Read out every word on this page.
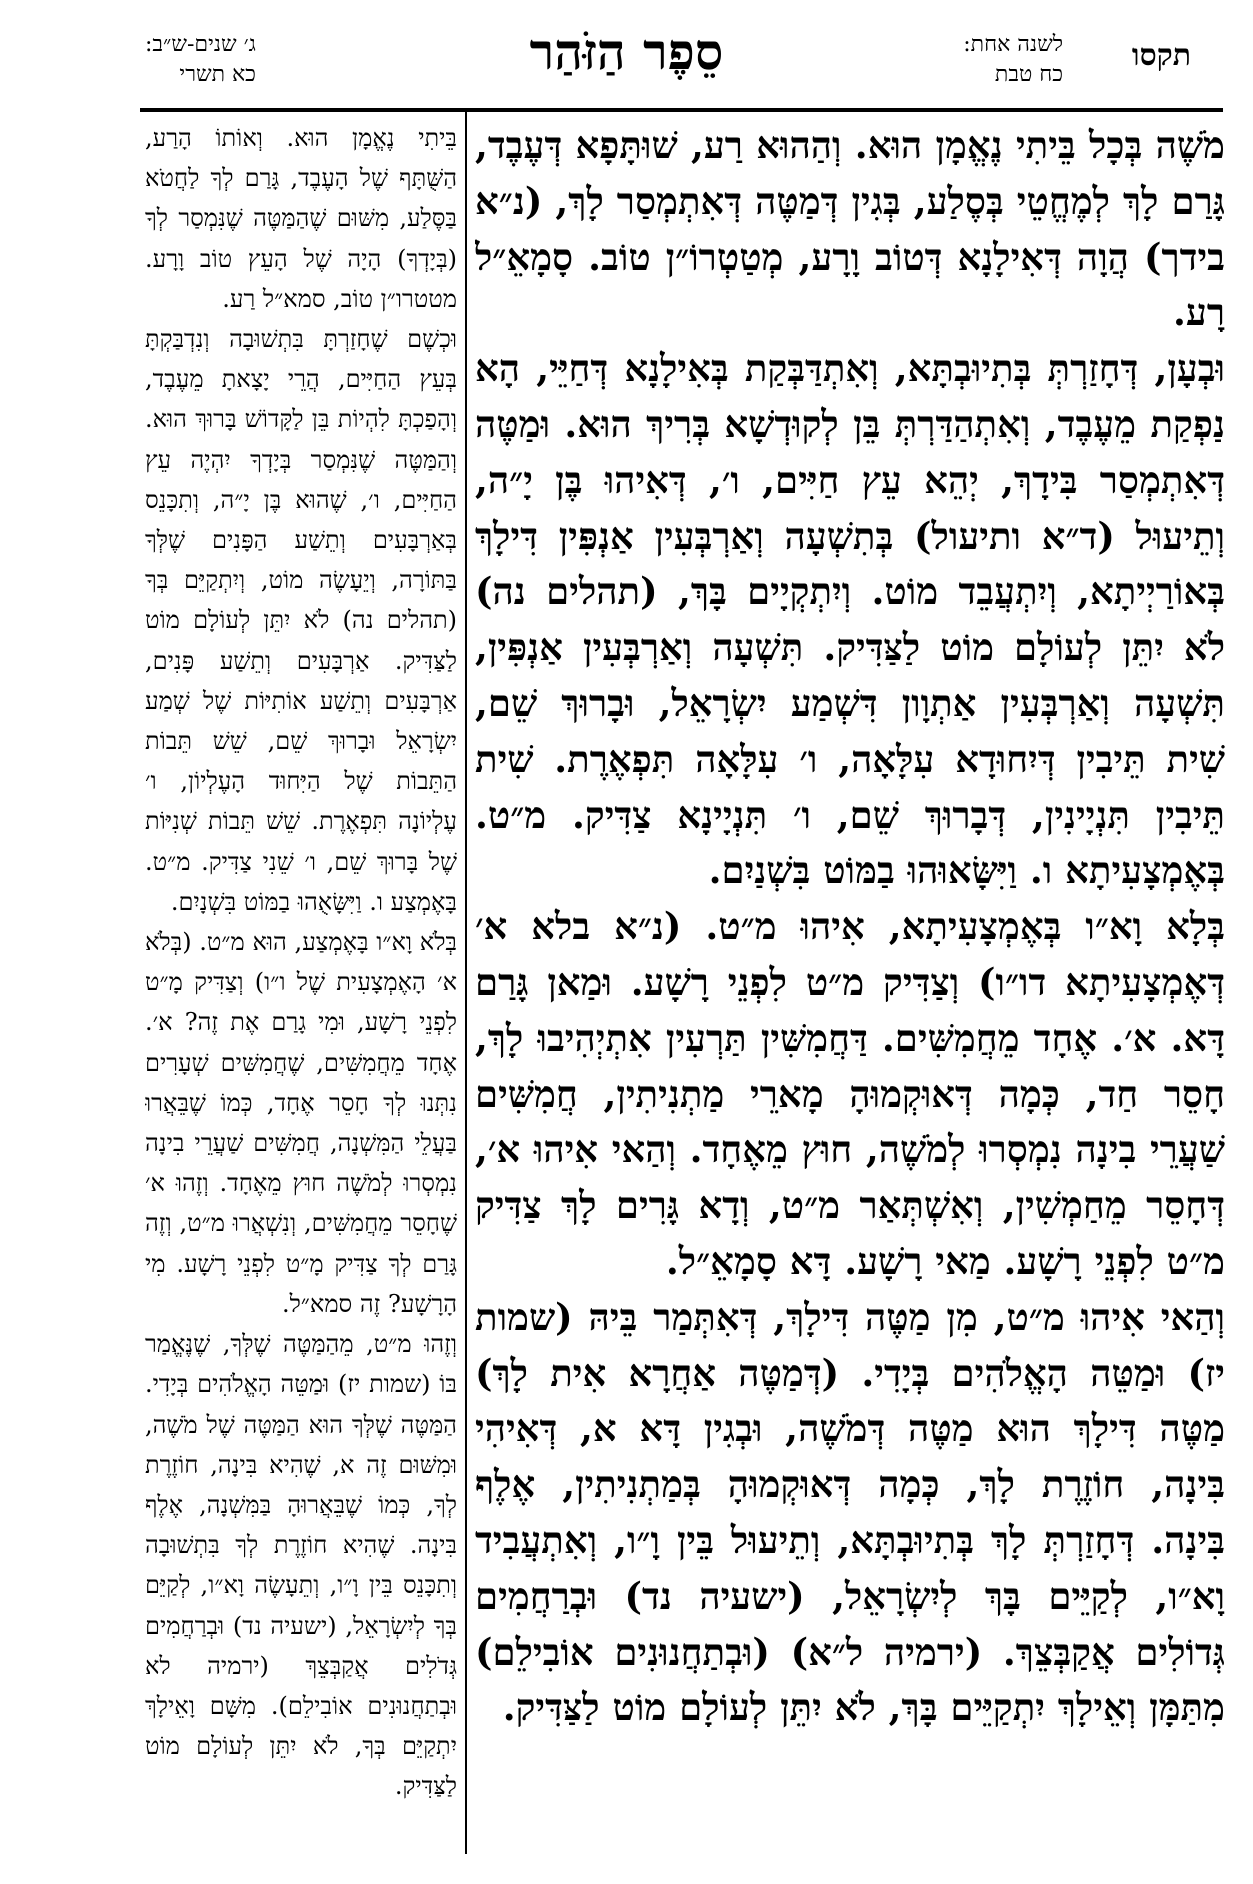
תקסו
לשנה אחת:
כח טבת
סֵפֶר הַזֹּהַר
ג׳ שנים-ש״ב:
כא תשרי

מֹשֶׁה בְּכָל בֵּיתִי נֶאֱמָן הוּא. וְהַהוּא רַע, שׁוּתָּפָא דְּעֶבֶד, גָּרַם לָךְ לְמֶחֱטֵי בְּסֶלַע, בְּגִין דְּמַטֶּה דְּאִתְמְסַר לָךְ, (נ״א בידך) הֲוָה דְּאִילָנָא דְּטוֹב וָרָע, מְטַטְרוֹ״ן טוֹב. סָמָאֵ״ל רָע.

וּבְעָן, דְּחָזַרְתְּ בְּתִיוּבְתָּא, וְאִתְדַּבְּקַת בְּאִילָנָא דְּחַיֵּי, הָא נַפְקַת מֵעֶבֶד, וְאִתְהַדַּרְתְּ בֵּן לְקוּדְשָׁא בְּרִיךְ הוּא. וּמַטֶּה דְּאִתְמְסַר בִּידָךְ, יְהֵא עֵץ חַיִּים, ו׳, דְּאִיהוּ בֶּן יָ״ה, וְתֵיעוּל (ד״א ותיעול) בְּתִשְׁעָה וְאַרְבְּעִין אַנְפִּין דִּילָךְ בְּאוֹרַיְיתָא, וְיִתְעֲבֵד מוֹט. וְיִתְקְיָים בָּךְ, (תהלים נה) לֹא יִתֵּן לְעוֹלָם מוֹט לַצַּדִּיק. תִּשְׁעָה וְאַרְבְּעִין אַנְפִּין, תִּשְׁעָה וְאַרְבְּעִין אַתְוָון דִּשְׁמַע יִשְׂרָאֵל, וּבָרוּךְ שֵׁם, שִׁית תֵּיבִין דְּיִחוּדָא עִלָּאָה, ו׳ עִלָּאָה תִּפְאֶרֶת. שִׁית תֵּיבִין תִּנְיָינִין, דְּבָרוּךְ שֵׁם, ו׳ תִּנְיָינָא צַדִּיק. מ״ט. בְּאֶמְצָעִיתָא ו. וַיִּשָּׂאוּהוּ בַמּוֹט בִּשְׁנַיִם.

בְּלָא וָא״ו בְּאֶמְצָעִיתָא, אִיהוּ מ״ט. (נ״א בלא א׳ דְּאֶמְצָעִיתָא דו״ו) וְצַדִּיק מ״ט לִפְנֵי רָשָׁע. וּמַאן גָּרַם דָּא. א׳. אֶחָד מֵחֲמִשִּׁים. דַּחֲמִשִּׁין תַּרְעִין אִתְיְהִיבוּ לָךְ, חָסֵר חַד, כְּמָה דְּאוּקְמוּהָ מָארֵי מַתְנִיתִין, חֲמִשִּׁים שַׁעֲרֵי בִינָה נִמְסְרוּ לְמֹשֶׁה, חוּץ מֵאֶחָד. וְהַאי אִיהוּ א׳, דְּחָסֵר מֵחַמְשִׁין, וְאִשְׁתְּאַר מ״ט, וְדָא גָּרִים לָךְ צַדִּיק מ״ט לִפְנֵי רָשָׁע. מַאי רָשָׁע. דָּא סָמָאֵ״ל.

וְהַאי אִיהוּ מ״ט, מִן מַטֶּה דִּילָךְ, דְּאִתְּמַר בֵּיהּ (שמות יז) וּמַטֵּה הָאֱלֹהִים בְּיָדִי. (דְּמַטֶּה אַחֲרָא אִית לָךְ) מַטֶּה דִּילָךְ הוּא מַטֶּה דְּמֹשֶׁה, וּבְגִין דָּא א, דְּאִיהִי בִּינָה, חוֹזֶרֶת לָךְ, כְּמָה דְּאוּקְמוּהָ בְּמַתְנִיתִין, אֶלֶף בִּינָה. דְּחָזַרְתְּ לָךְ בְּתִיוּבְתָּא, וְתֵיעוּל בֵּין וָ״ו, וְאִתְעֲבִיד וָא״ו, לְקַיֵּים בָּךְ לְיִשְׂרָאֵל, (ישעיה נד) וּבְרַחֲמִים גְּדוֹלִים אֲקַבְּצֵךְ. (ירמיה ל״א) (וּבְתַחֲנוּנִים אוֹבִילֵם) מִתַּמָּן וְאֵילָךְ יִתְקַיֵּים בָּךְ, לֹא יִתֵּן לְעוֹלָם מוֹט לַצַּדִּיק.

בֵּיתִי נֶאֱמָן הוּא. וְאוֹתוֹ הָרַע, הַשֻּׁתָּף שֶׁל הָעֶבֶד, גָּרַם לְךָ לַחֲטֹא בַּסֶּלַע, מִשּׁוּם שֶׁהַמַּטֶּה שֶׁנִּמְסַר לְךָ (בְּיָדְךָ) הָיָה שֶׁל הָעֵץ טוֹב וָרָע. מטטרו״ן טוֹב, סמא״ל רַע.

וּכְשֶׁם שֶׁחָזַרְתָּ בִּתְשׁוּבָה וְנִדְבַּקְתָּ בְּעֵץ הַחַיִּים, הֲרֵי יָצָאתָ מֵעֶבֶד, וְהָפַכְתָּ לִהְיוֹת בֵּן לַקָּדוֹשׁ בָּרוּךְ הוּא. וְהַמַּטֶּה שֶׁנִּמְסַר בְּיָדְךָ יִהְיֶה עֵץ הַחַיִּים, ו׳, שֶׁהוּא בֶּן יָ״ה, וְתִכָּנֵס בְּאַרְבָּעִים וְתֵשַׁע הַפָּנִים שֶׁלְּךָ בַּתּוֹרָה, וְיֵעָשֶׂה מוֹט, וְיִתְקַיֵּם בְּךָ (תהלים נה) לֹא יִתֵּן לְעוֹלָם מוֹט לַצַּדִּיק. אַרְבָּעִים וְתֵשַׁע פָּנִים, אַרְבָּעִים וְתֵשַׁע אוֹתִיּוֹת שֶׁל שְׁמַע יִשְׂרָאֵל וּבָרוּךְ שֵׁם, שֵׁשׁ תֵּבוֹת הַתֵּבוֹת שֶׁל הַיִּחוּד הָעֶלְיוֹן, ו׳ עֶלְיוֹנָה תִּפְאֶרֶת. שֵׁשׁ תֵּבוֹת שְׁנִיּוֹת שֶׁל בָּרוּךְ שֵׁם, ו׳ שֵׁנִי צַדִּיק. מ״ט. בָּאֶמְצַע ו. וַיִּשָּׂאֻהוּ בַמּוֹט בִּשְׁנָיִם.

בְּלֹא וָא״ו בָּאֶמְצַע, הוּא מ״ט. (בְּלֹא א׳ הָאֶמְצָעִית שֶׁל ו״ו) וְצַדִּיק מָ״ט לִפְנֵי רָשָׁע, וּמִי גָרַם אֶת זֶה? א׳. אֶחָד מֵחֲמִשִּׁים, שֶׁחֲמִשִּׁים שְׁעָרִים נִתְּנוּ לְךָ חָסֵר אֶחָד, כְּמוֹ שֶׁבֵּאֲרוּ בַּעֲלֵי הַמִּשְׁנָה, חֲמִשִּׁים שַׁעֲרֵי בִינָה נִמְסְרוּ לְמֹשֶׁה חוּץ מֵאֶחָד. וְזֶהוּ א׳ שֶׁחָסֵר מֵחֲמִשִּׁים, וְנִשְׁאֲרוּ מ״ט, וְזֶה גָּרַם לְךָ צַדִּיק מָ״ט לִפְנֵי רָשָׁע. מִי הָרָשָׁע? זֶה סמא״ל.

וְזֶהוּ מ״ט, מֵהַמַּטֶּה שֶׁלְּךָ, שֶׁנֶּאֱמַר בּוֹ (שמות יז) וּמַטֵּה הָאֱלֹהִים בְּיָדִי. הַמַּטֶּה שֶׁלְּךָ הוּא הַמַּטֶּה שֶׁל מֹשֶׁה, וּמִשּׁוּם זֶה א, שֶׁהִיא בִּינָה, חוֹזֶרֶת לְךָ, כְּמוֹ שֶׁבֵּאֲרוּהָ בַּמִּשְׁנָה, אֶלֶף בִּינָה. שֶׁהִיא חוֹזֶרֶת לְךָ בִּתְשׁוּבָה וְתִכָּנֵס בֵּין וָ״ו, וְתֵעָשֶׂה וָא״ו, לְקַיֵּם בְּךָ לְיִשְׂרָאֵל, (ישעיה נד) וּבְרַחֲמִים גְּדֹלִים אֲקַבְּצֵךְ (ירמיה לא וּבְתַחֲנוּנִים אוֹבִילֵם). מִשָּׁם וָאֵילָךְ יִתְקַיֵּם בְּךָ, לֹא יִתֵּן לְעוֹלָם מוֹט לַצַּדִּיק.
